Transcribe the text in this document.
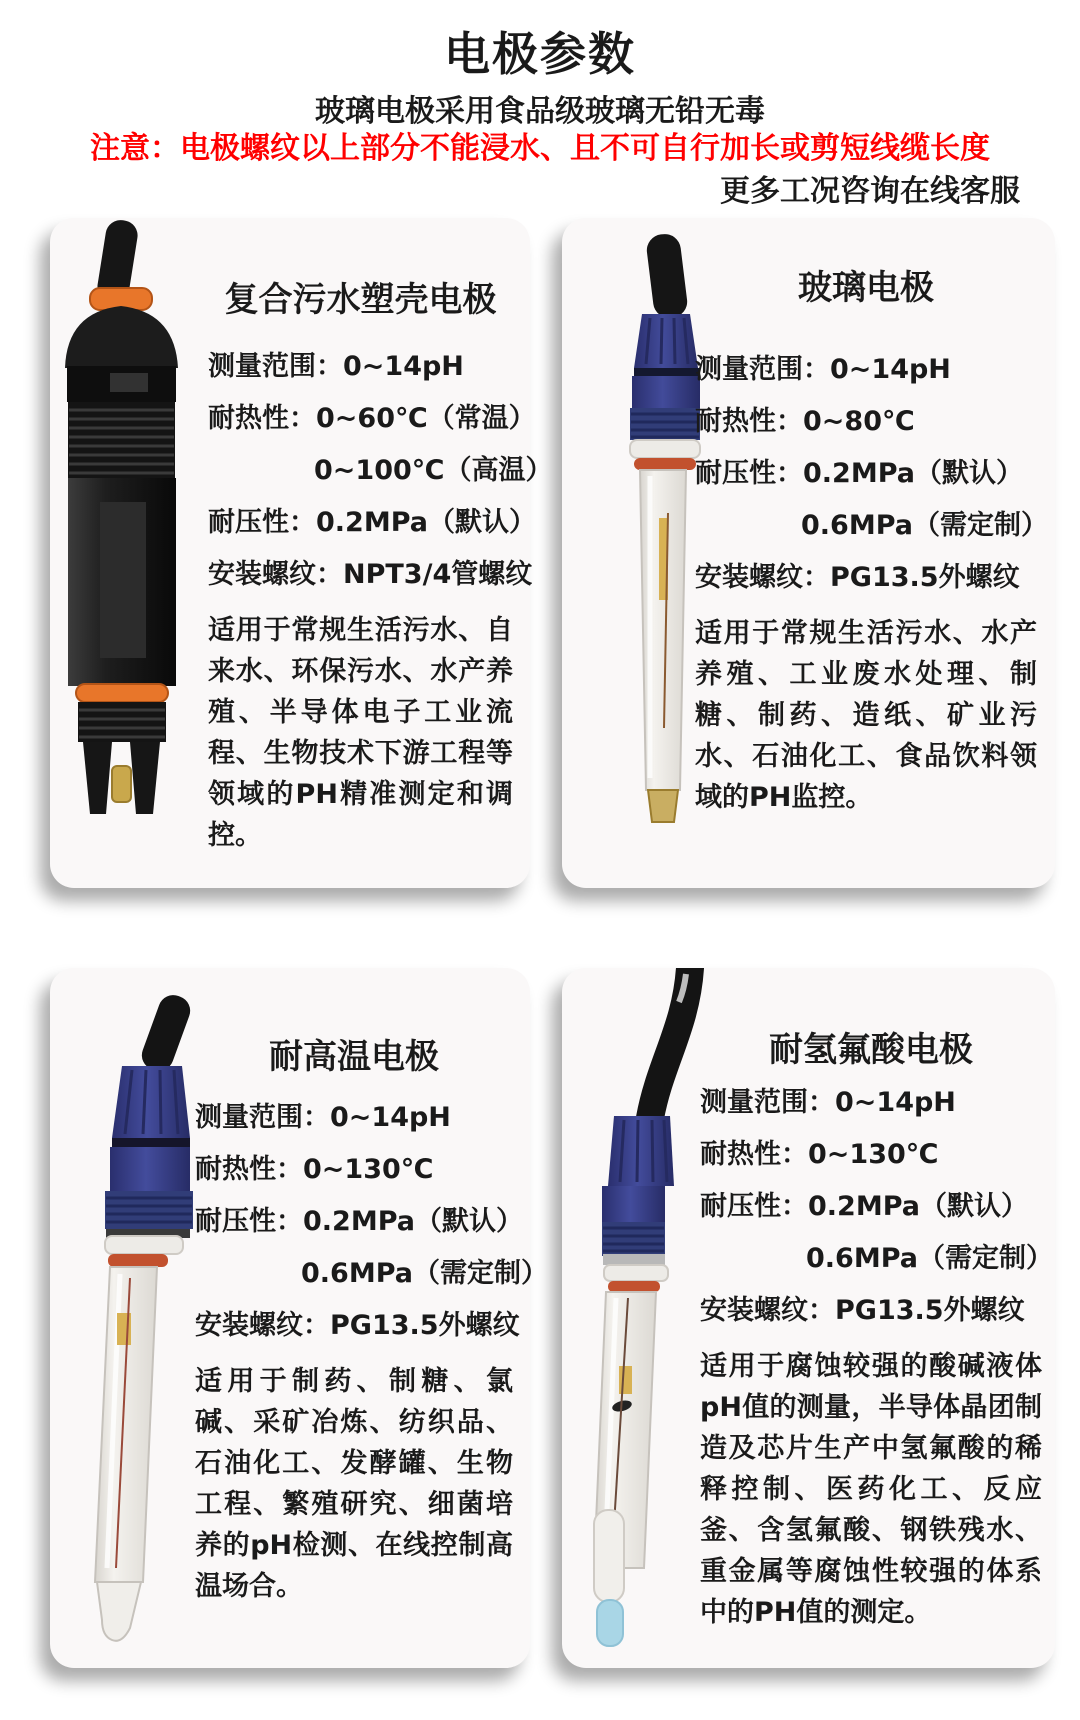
电极参数
玻璃电极采用食品级玻璃无铅无毒
注意：电极螺纹以上部分不能浸水、且不可自行加长或剪短线缆长度
更多工况咨询在线客服
复合污水塑壳电极
测量范围：0~14pH
耐热性：0~60℃（常温）
0~100℃（高温）
耐压性：0.2MPa（默认）
安装螺纹：NPT3/4管螺纹
适用于常规生活污水、自来水、环保污水、水产养殖、半导体电子工业流程、生物技术下游工程等领域的PH精准测定和调控。
玻璃电极
测量范围：0~14pH
耐热性：0~80℃
耐压性：0.2MPa（默认）
0.6MPa（需定制）
安装螺纹：PG13.5外螺纹
适用于常规生活污水、水产养殖、工业废水处理、制糖、制药、造纸、矿业污水、石油化工、食品饮料领域的PH监控。
耐高温电极
测量范围：0~14pH
耐热性：0~130℃
耐压性：0.2MPa（默认）
0.6MPa（需定制）
安装螺纹：PG13.5外螺纹
适用于制药、制糖、氯碱、采矿冶炼、纺织品、石油化工、发酵罐、生物工程、繁殖研究、细菌培养的pH检测、在线控制高温场合。
耐氢氟酸电极
测量范围：0~14pH
耐热性：0~130℃
耐压性：0.2MPa（默认）
0.6MPa（需定制）
安装螺纹：PG13.5外螺纹
适用于腐蚀较强的酸碱液体pH值的测量，半导体晶团制造及芯片生产中氢氟酸的稀释控制、医药化工、反应釜、含氢氟酸、钢铁残水、重金属等腐蚀性较强的体系中的PH值的测定。
